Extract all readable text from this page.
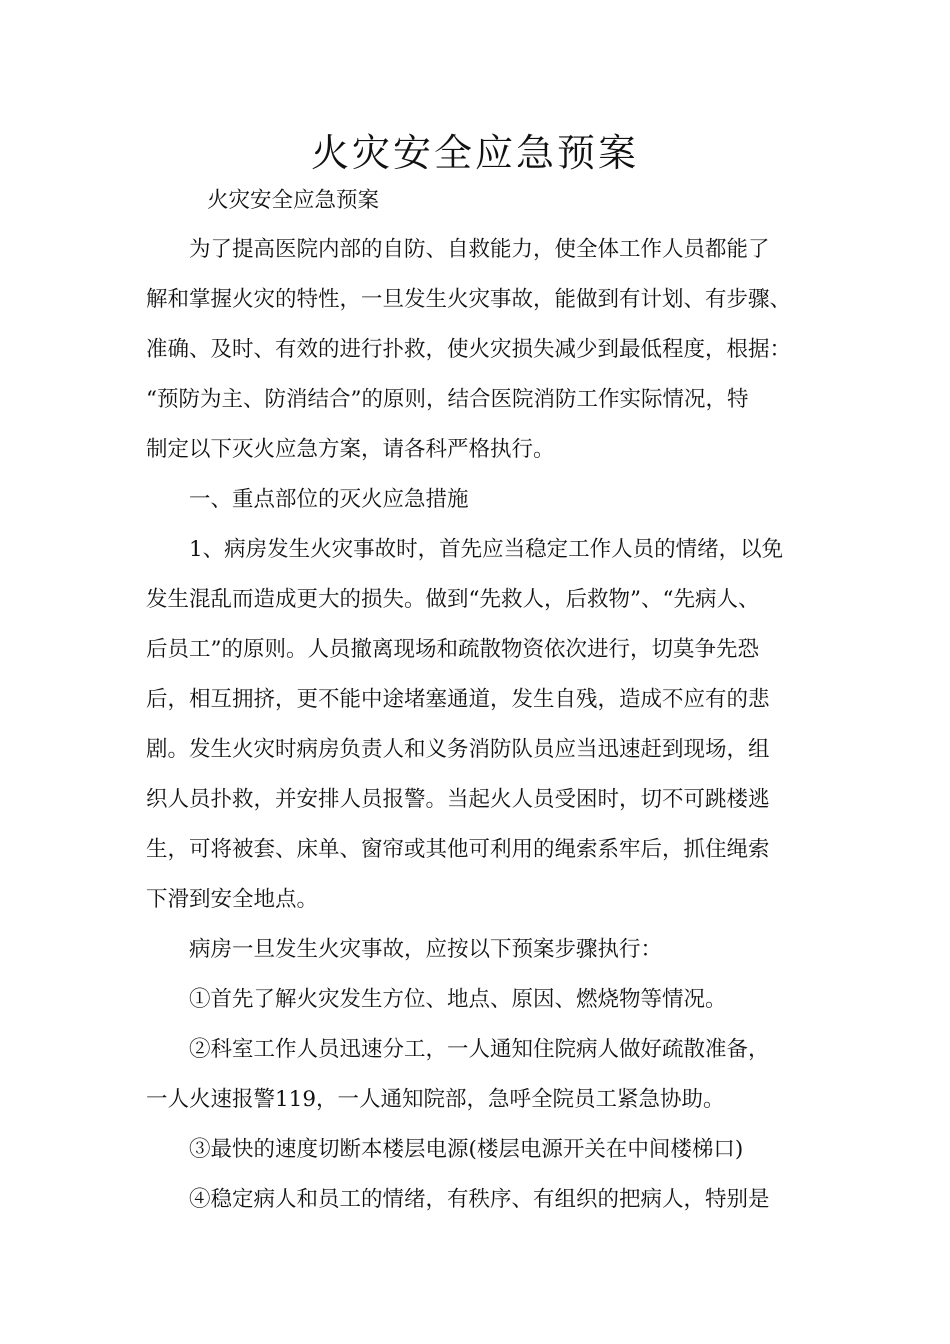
火灾安全应急预案

火灾安全应急预案

为了提高医院内部的自防、自救能力，使全体工作人员都能了

解和掌握火灾的特性，一旦发生火灾事故，能做到有计划、有步骤、

准确、及时、有效的进行扑救，使火灾损失减少到最低程度，根据：

“预防为主、防消结合”的原则，结合医院消防工作实际情况，特

制定以下灭火应急方案，请各科严格执行。

一、重点部位的灭火应急措施

1、病房发生火灾事故时，首先应当稳定工作人员的情绪，以免

发生混乱而造成更大的损失。做到“先救人，后救物”、“先病人、

后员工”的原则。人员撤离现场和疏散物资依次进行，切莫争先恐

后，相互拥挤，更不能中途堵塞通道，发生自残，造成不应有的悲

剧。发生火灾时病房负责人和义务消防队员应当迅速赶到现场，组

织人员扑救，并安排人员报警。当起火人员受困时，切不可跳楼逃

生，可将被套、床单、窗帘或其他可利用的绳索系牢后，抓住绳索

下滑到安全地点。

病房一旦发生火灾事故，应按以下预案步骤执行：

①首先了解火灾发生方位、地点、原因、燃烧物等情况。

②科室工作人员迅速分工，一人通知住院病人做好疏散准备，

一人火速报警119，一人通知院部，急呼全院员工紧急协助。

③最快的速度切断本楼层电源(楼层电源开关在中间楼梯口)

④稳定病人和员工的情绪，有秩序、有组织的把病人，特别是
